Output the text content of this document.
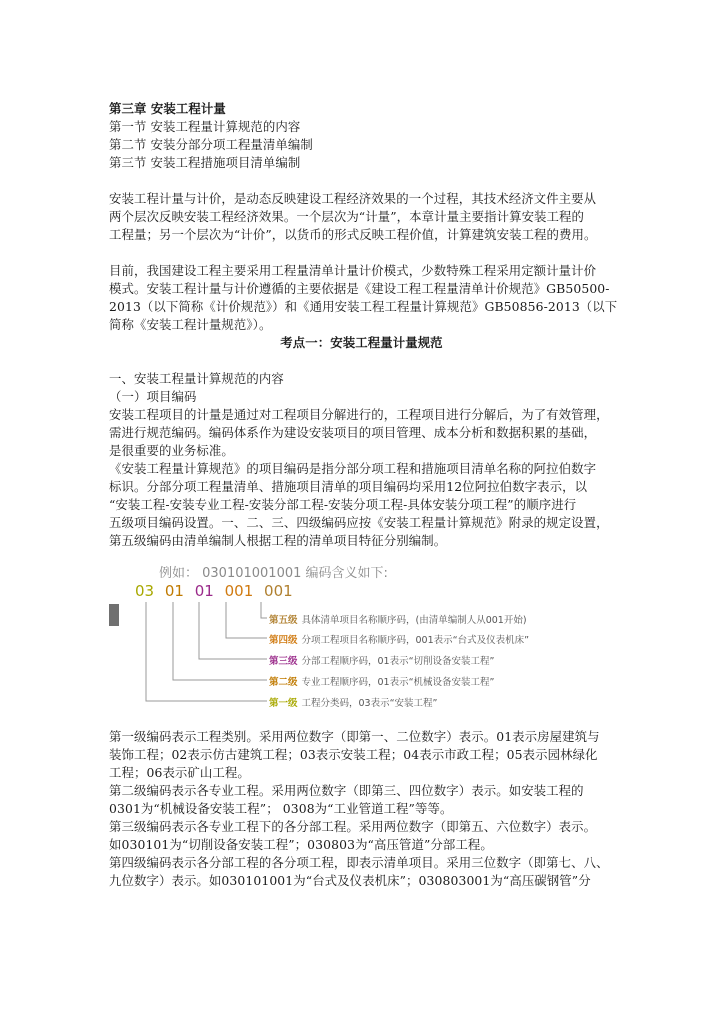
第三章 安装工程计量
第一节 安装工程量计算规范的内容
第二节 安装分部分项工程量清单编制
第三节 安装工程措施项目清单编制
安装工程计量与计价，是动态反映建设工程经济效果的一个过程，其技术经济文件主要从
两个层次反映安装工程经济效果。一个层次为“计量”，本章计量主要指计算安装工程的
工程量；另一个层次为“计价”，以货币的形式反映工程价值，计算建筑安装工程的费用。
目前，我国建设工程主要采用工程量清单计量计价模式，少数特殊工程采用定额计量计价
模式。安装工程计量与计价遵循的主要依据是《建设工程工程量清单计价规范》GB50500-
2013（以下简称《计价规范》）和《通用安装工程工程量计算规范》GB50856-2013（以下
简称《安装工程计量规范》）。
考点一：安装工程量计量规范
一、安装工程量计算规范的内容
（一）项目编码
安装工程项目的计量是通过对工程项目分解进行的，工程项目进行分解后，为了有效管理，
需进行规范编码。编码体系作为建设安装项目的项目管理、成本分析和数据积累的基础，
是很重要的业务标准。
《安装工程量计算规范》的项目编码是指分部分项工程和措施项目清单名称的阿拉伯数字
标识。分部分项工程量清单、措施项目清单的项目编码均采用12位阿拉伯数字表示，以
“安装工程-安装专业工程-安装分部工程-安装分项工程-具体安装分项工程”的顺序进行
五级项目编码设置。一、二、三、四级编码应按《安装工程量计算规范》附录的规定设置，
第五级编码由清单编制人根据工程的清单项目特征分别编制。
例如： 030101001001 编码含义如下:
03 01 01 001 001
第五级 具体清单项目名称顺序码，(由清单编制人从001开始)
第四级 分项工程项目名称顺序码，001表示“台式及仪表机床”
第三级 分部工程顺序码，01表示“切削设备安装工程”
第二级 专业工程顺序码，01表示“机械设备安装工程”
第一级 工程分类码，03表示“安装工程”
第一级编码表示工程类别。采用两位数字（即第一、二位数字）表示。01表示房屋建筑与
装饰工程；02表示仿古建筑工程；03表示安装工程；04表示市政工程；05表示园林绿化
工程；06表示矿山工程。
第二级编码表示各专业工程。采用两位数字（即第三、四位数字）表示。如安装工程的
0301为“机械设备安装工程”； 0308为“工业管道工程”等等。
第三级编码表示各专业工程下的各分部工程。采用两位数字（即第五、六位数字）表示。
如030101为“切削设备安装工程”；030803为“高压管道”分部工程。
第四级编码表示各分部工程的各分项工程，即表示清单项目。采用三位数字（即第七、八、
九位数字）表示。如030101001为“台式及仪表机床”；030803001为“高压碳钢管”分
